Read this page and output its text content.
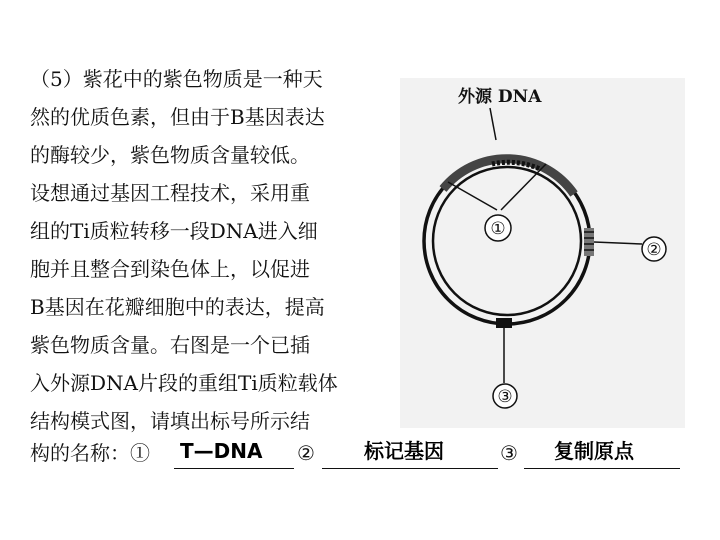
（5）紫花中的紫色物质是一种天
然的优质色素，但由于B基因表达
的酶较少，紫色物质含量较低。
设想通过基因工程技术，采用重
组的Ti质粒转移一段DNA进入细
胞并且整合到染色体上，以促进
B基因在花瓣细胞中的表达，提高
紫色物质含量。右图是一个已插
入外源DNA片段的重组Ti质粒载体
结构模式图，请填出标号所示结
构的名称：①	T—DNA ②	标记基因	③	复制原点
外源 DNA
①
②
③
